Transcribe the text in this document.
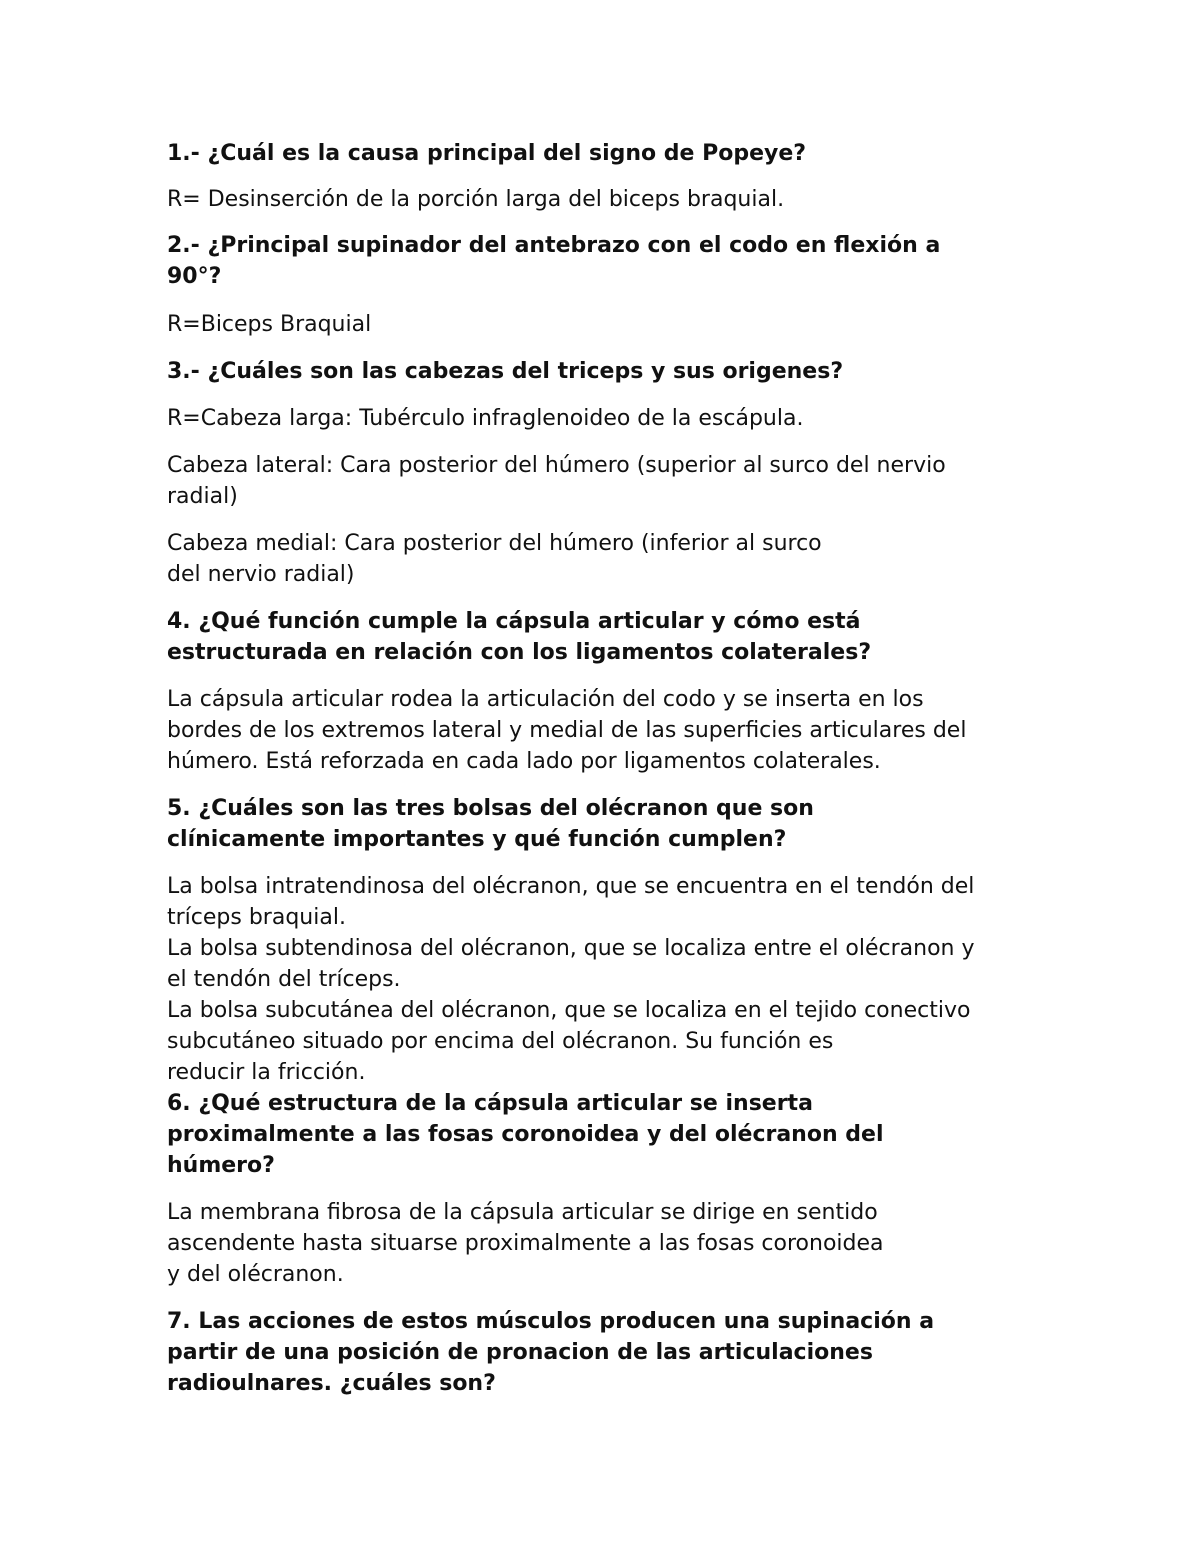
1.- ¿Cuál es la causa principal del signo de Popeye?

R= Desinserción de la porción larga del biceps braquial.

2.- ¿Principal supinador del antebrazo con el codo en flexión a

90°?

R=Biceps Braquial

3.- ¿Cuáles son las cabezas del triceps y sus origenes?

R=Cabeza larga: Tubérculo infraglenoideo de la escápula.

Cabeza lateral: Cara posterior del húmero (superior al surco del nervio

radial)

Cabeza medial: Cara posterior del húmero (inferior al surco

del nervio radial)

4. ¿Qué función cumple la cápsula articular y cómo está

estructurada en relación con los ligamentos colaterales?

La cápsula articular rodea la articulación del codo y se inserta en los

bordes de los extremos lateral y medial de las superficies articulares del

húmero. Está reforzada en cada lado por ligamentos colaterales.

5. ¿Cuáles son las tres bolsas del olécranon que son

clínicamente importantes y qué función cumplen?

La bolsa intratendinosa del olécranon, que se encuentra en el tendón del

tríceps braquial.

La bolsa subtendinosa del olécranon, que se localiza entre el olécranon y

el tendón del tríceps.

La bolsa subcutánea del olécranon, que se localiza en el tejido conectivo

subcutáneo situado por encima del olécranon. Su función es

reducir la fricción.

6. ¿Qué estructura de la cápsula articular se inserta

proximalmente a las fosas coronoidea y del olécranon del

húmero?

La membrana fibrosa de la cápsula articular se dirige en sentido

ascendente hasta situarse proximalmente a las fosas coronoidea

y del olécranon.

7. Las acciones de estos músculos producen una supinación a

partir de una posición de pronacion de las articulaciones

radioulnares. ¿cuáles son?
